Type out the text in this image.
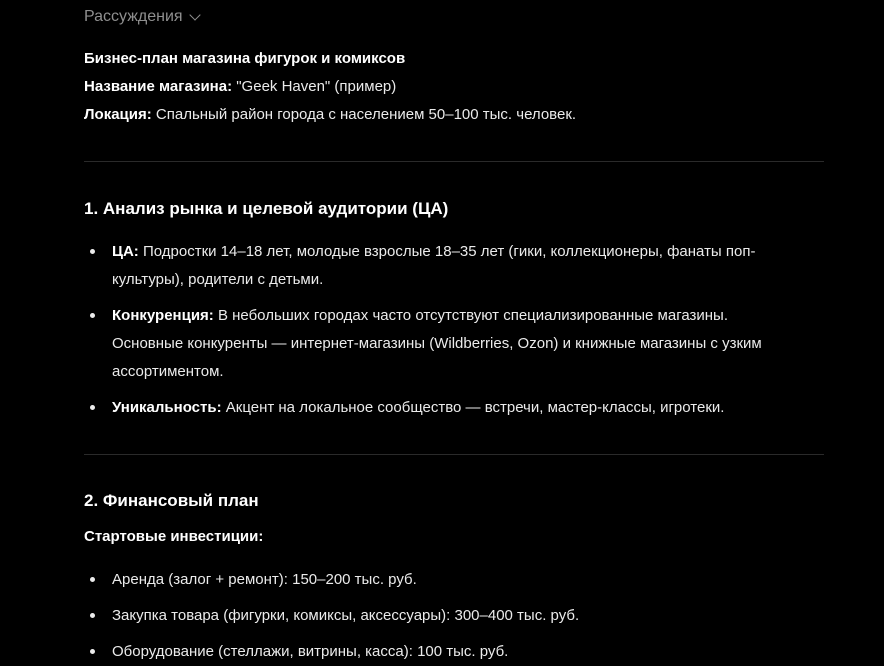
Рассуждения
Бизнес-план магазина фигурок и комиксов
Название магазина: "Geek Haven" (пример)
Локация: Спальный район города с населением 50–100 тыс. человек.
1. Анализ рынка и целевой аудитории (ЦА)
ЦА: Подростки 14–18 лет, молодые взрослые 18–35 лет (гики, коллекционеры, фанаты поп-культуры), родители с детьми.
Конкуренция: В небольших городах часто отсутствуют специализированные магазины. Основные конкуренты — интернет-магазины (Wildberries, Ozon) и книжные магазины с узким ассортиментом.
Уникальность: Акцент на локальное сообщество — встречи, мастер-классы, игротеки.
2. Финансовый план
Стартовые инвестиции:
Аренда (залог + ремонт): 150–200 тыс. руб.
Закупка товара (фигурки, комиксы, аксессуары): 300–400 тыс. руб.
Оборудование (стеллажи, витрины, касса): 100 тыс. руб.
